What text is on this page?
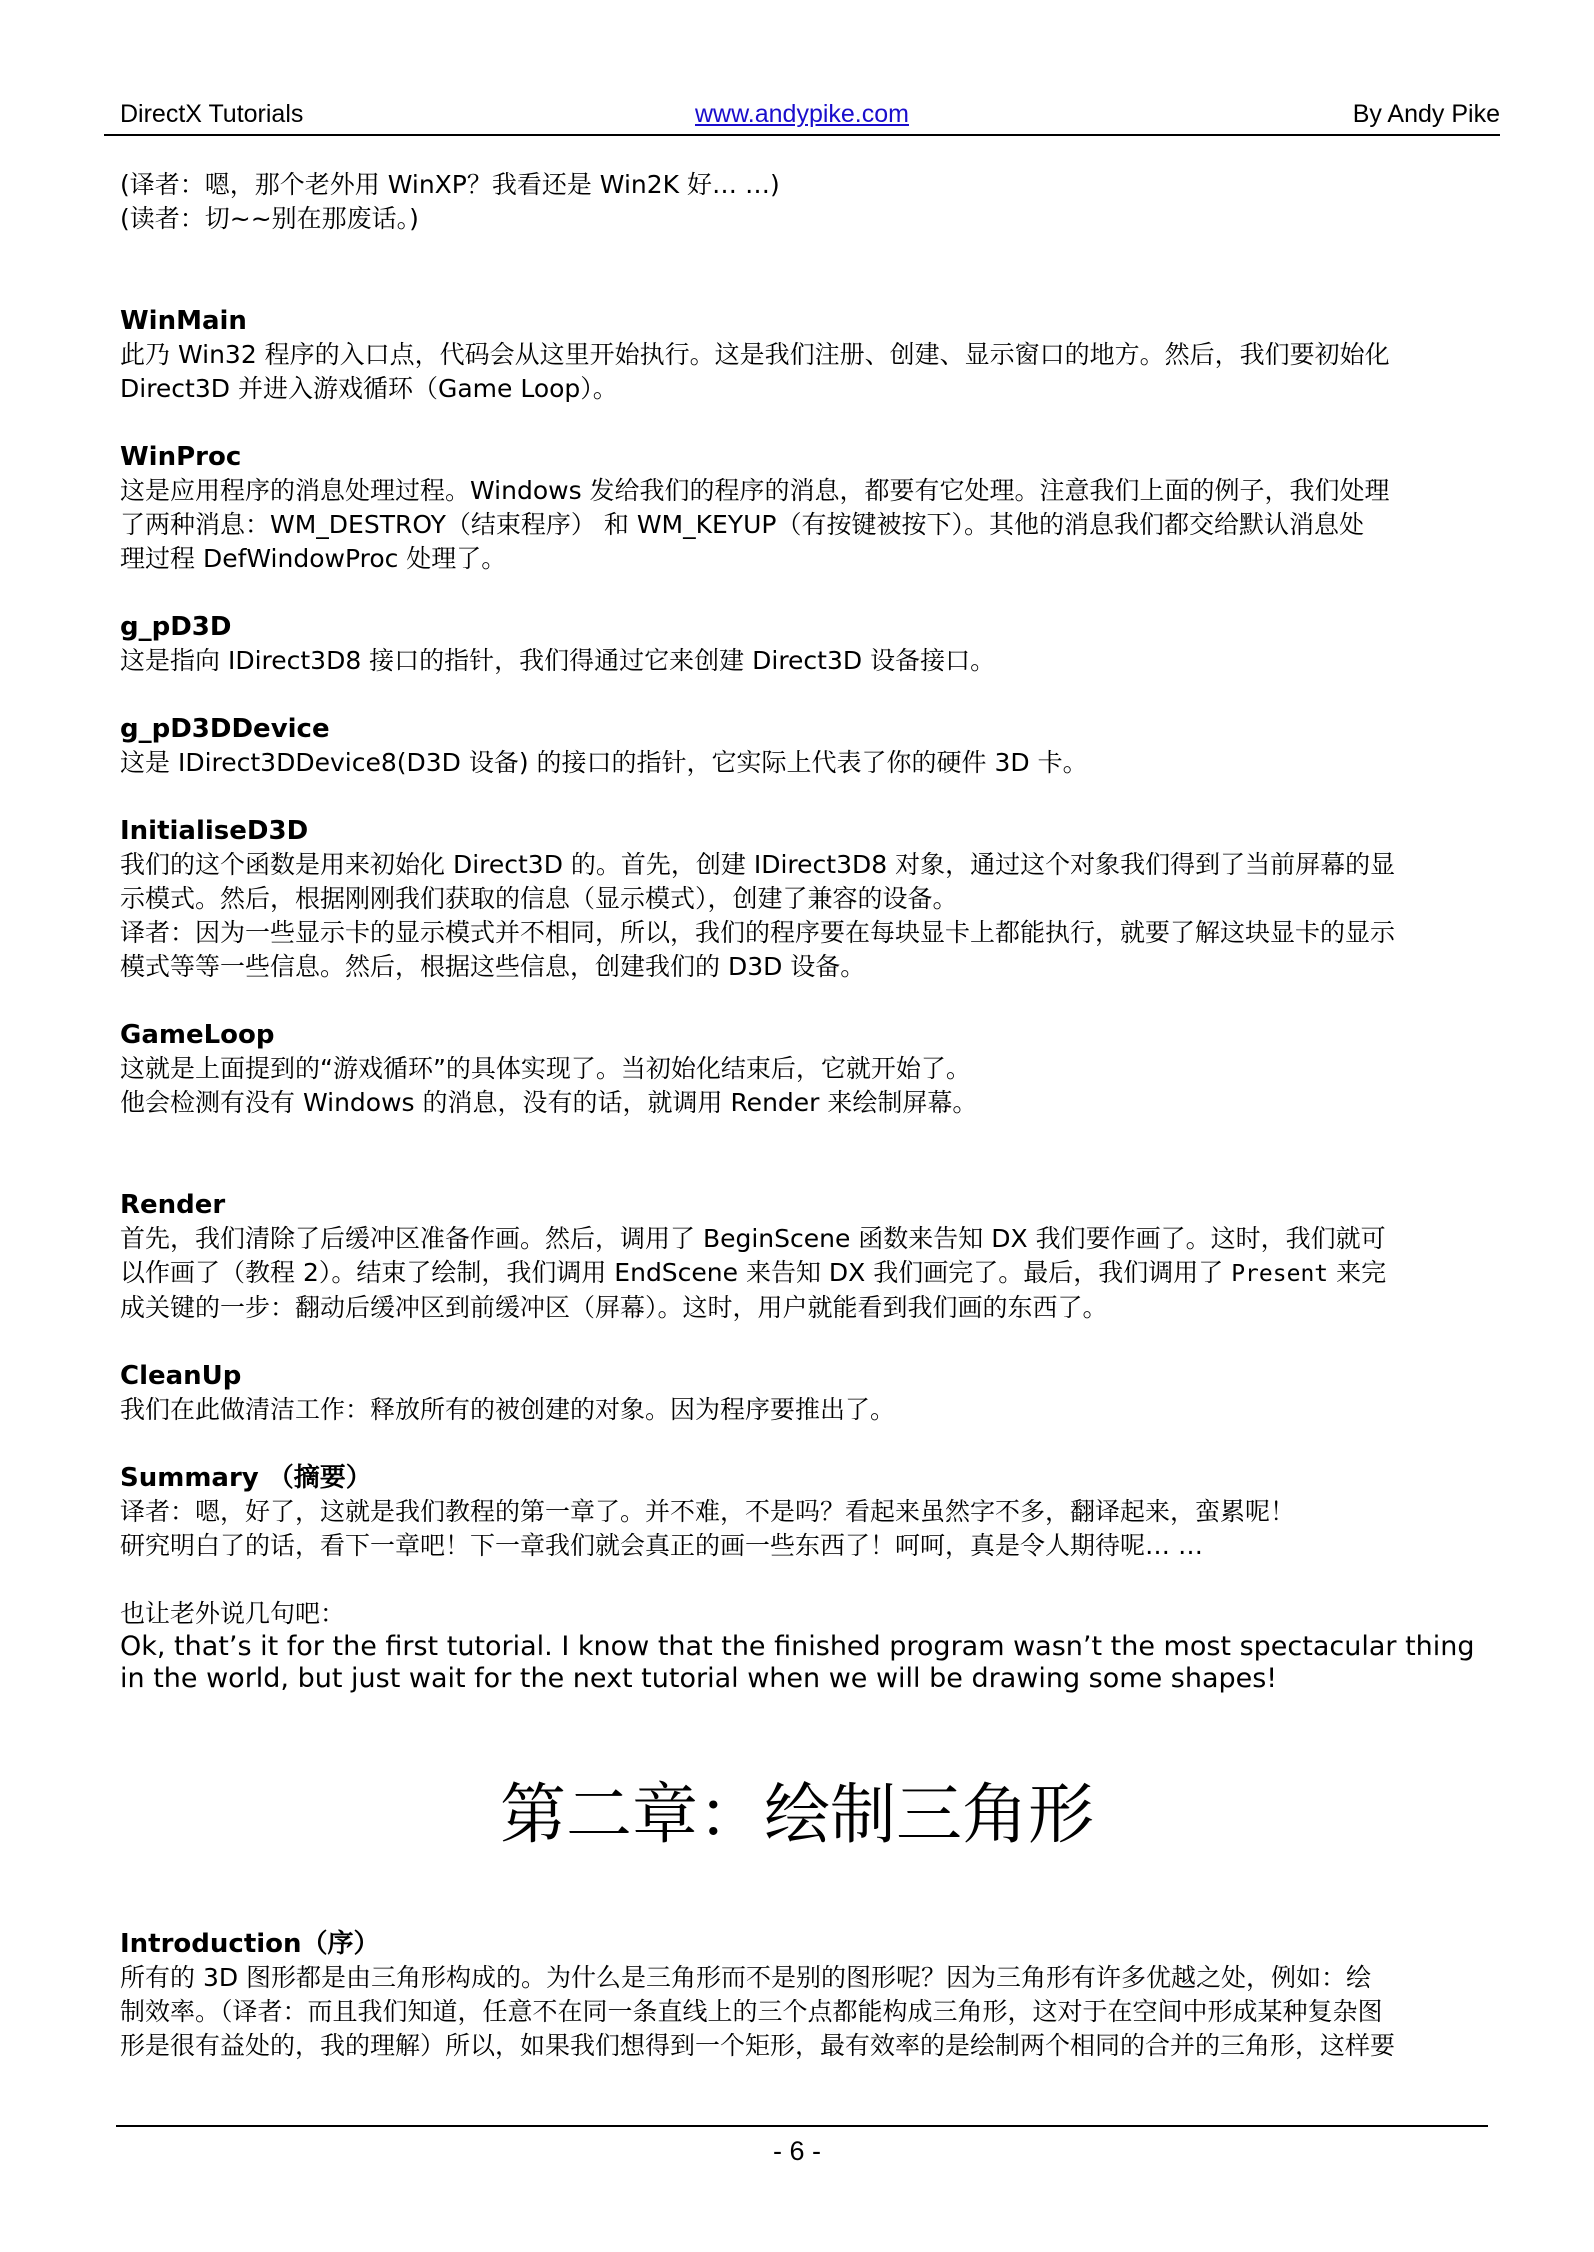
DirectX Tutorials	www.andypike.com	By Andy Pike

(译者：嗯，那个老外用 WinXP？我看还是 Win2K 好… …)

(读者：切~~别在那废话。)

WinMain

此乃 Win32 程序的入口点，代码会从这里开始执行。这是我们注册、创建、显示窗口的地方。然后，我们要初始化

Direct3D 并进入游戏循环（Game Loop）。

WinProc

这是应用程序的消息处理过程。Windows 发给我们的程序的消息，都要有它处理。注意我们上面的例子，我们处理

了两种消息：WM_DESTROY（结束程序） 和 WM_KEYUP（有按键被按下）。其他的消息我们都交给默认消息处

理过程 DefWindowProc 处理了。

g_pD3D

这是指向 IDirect3D8 接口的指针，我们得通过它来创建 Direct3D 设备接口。

g_pD3DDevice

这是 IDirect3DDevice8(D3D 设备) 的接口的指针，它实际上代表了你的硬件 3D 卡。

InitialiseD3D

我们的这个函数是用来初始化 Direct3D 的。首先，创建 IDirect3D8 对象，通过这个对象我们得到了当前屏幕的显

示模式。然后，根据刚刚我们获取的信息（显示模式），创建了兼容的设备。

译者：因为一些显示卡的显示模式并不相同，所以，我们的程序要在每块显卡上都能执行，就要了解这块显卡的显示

模式等等一些信息。然后，根据这些信息，创建我们的 D3D 设备。

GameLoop

这就是上面提到的“游戏循环”的具体实现了。当初始化结束后，它就开始了。

他会检测有没有 Windows 的消息，没有的话，就调用 Render 来绘制屏幕。

Render

首先，我们清除了后缓冲区准备作画。然后，调用了 BeginScene 函数来告知 DX 我们要作画了。这时，我们就可

以作画了（教程 2）。结束了绘制，我们调用 EndScene 来告知 DX 我们画完了。最后，我们调用了 Present 来完

成关键的一步：翻动后缓冲区到前缓冲区（屏幕）。这时，用户就能看到我们画的东西了。

CleanUp

我们在此做清洁工作：释放所有的被创建的对象。因为程序要推出了。

Summary （摘要）

译者：嗯，好了，这就是我们教程的第一章了。并不难，不是吗？看起来虽然字不多，翻译起来，蛮累呢！

研究明白了的话，看下一章吧！下一章我们就会真正的画一些东西了！呵呵，真是令人期待呢… …

也让老外说几句吧：

Ok, that’s it for the first tutorial. I know that the finished program wasn’t the most spectacular thing

in the world, but just wait for the next tutorial when we will be drawing some shapes!

第二章：绘制三角形

Introduction（序）

所有的 3D 图形都是由三角形构成的。为什么是三角形而不是别的图形呢？因为三角形有许多优越之处，例如：绘

制效率。（译者：而且我们知道，任意不在同一条直线上的三个点都能构成三角形，这对于在空间中形成某种复杂图

形是很有益处的，我的理解）所以，如果我们想得到一个矩形，最有效率的是绘制两个相同的合并的三角形，这样要

- 6 -
